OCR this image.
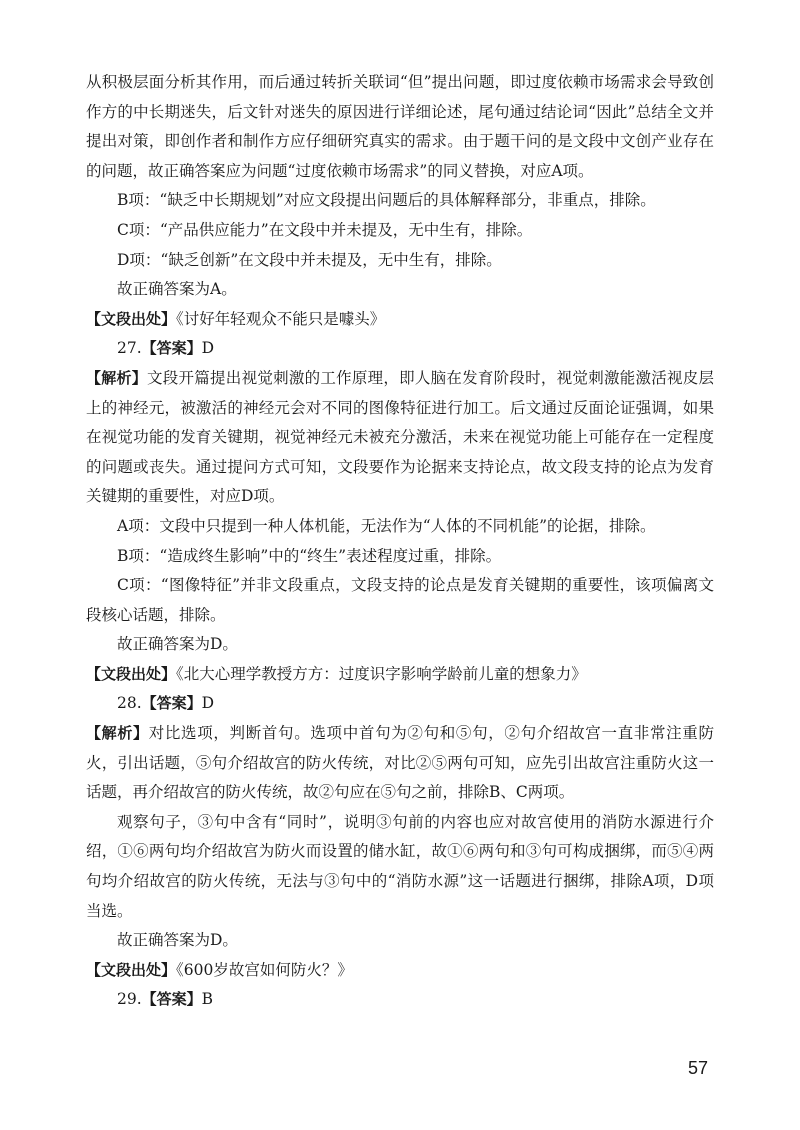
从积极层面分析其作用，而后通过转折关联词“但”提出问题，即过度依赖市场需求会导致创作方的中长期迷失，后文针对迷失的原因进行详细论述，尾句通过结论词“因此”总结全文并提出对策，即创作者和制作方应仔细研究真实的需求。由于题干问的是文段中文创产业存在的问题，故正确答案应为问题“过度依赖市场需求”的同义替换，对应A项。

B项：“缺乏中长期规划”对应文段提出问题后的具体解释部分，非重点，排除。

C项：“产品供应能力”在文段中并未提及，无中生有，排除。

D项：“缺乏创新”在文段中并未提及，无中生有，排除。

故正确答案为A。

【文段出处】《讨好年轻观众不能只是噱头》

27.【答案】D

【解析】文段开篇提出视觉刺激的工作原理，即人脑在发育阶段时，视觉刺激能激活视皮层上的神经元，被激活的神经元会对不同的图像特征进行加工。后文通过反面论证强调，如果在视觉功能的发育关键期，视觉神经元未被充分激活，未来在视觉功能上可能存在一定程度的问题或丧失。通过提问方式可知，文段要作为论据来支持论点，故文段支持的论点为发育关键期的重要性，对应D项。

A项：文段中只提到一种人体机能，无法作为“人体的不同机能”的论据，排除。

B项：“造成终生影响”中的“终生”表述程度过重，排除。

C项：“图像特征”并非文段重点，文段支持的论点是发育关键期的重要性，该项偏离文段核心话题，排除。

故正确答案为D。

【文段出处】《北大心理学教授方方：过度识字影响学龄前儿童的想象力》

28.【答案】D

【解析】对比选项，判断首句。选项中首句为②句和⑤句，②句介绍故宫一直非常注重防火，引出话题，⑤句介绍故宫的防火传统，对比②⑤两句可知，应先引出故宫注重防火这一话题，再介绍故宫的防火传统，故②句应在⑤句之前，排除B、C两项。

观察句子，③句中含有“同时”，说明③句前的内容也应对故宫使用的消防水源进行介绍，①⑥两句均介绍故宫为防火而设置的储水缸，故①⑥两句和③句可构成捆绑，而⑤④两句均介绍故宫的防火传统，无法与③句中的“消防水源”这一话题进行捆绑，排除A项，D项当选。

故正确答案为D。

【文段出处】《600岁故宫如何防火？》

29.【答案】B

57
